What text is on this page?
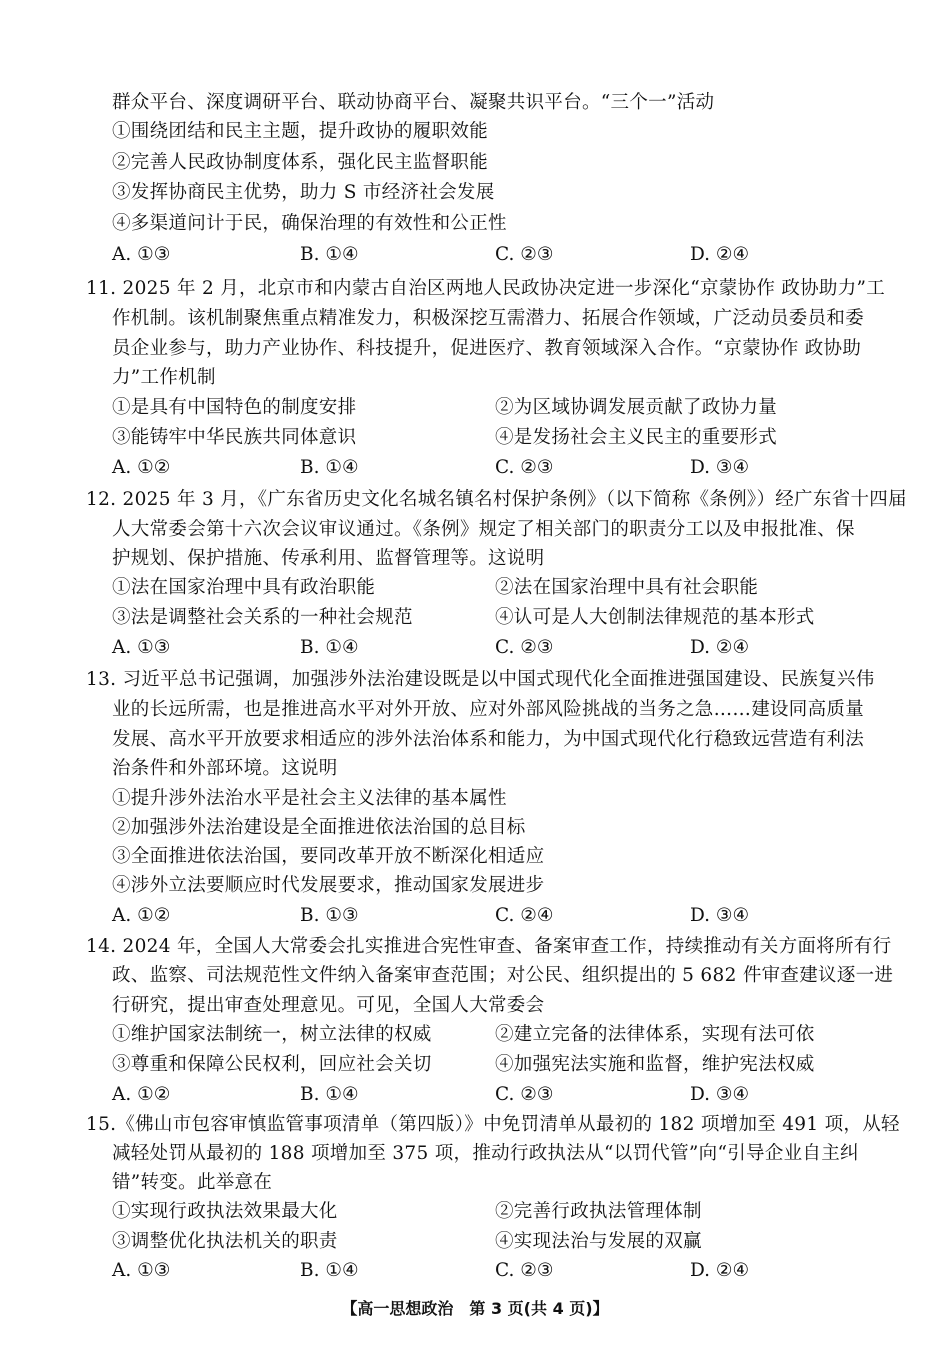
群众平台、深度调研平台、联动协商平台、凝聚共识平台。“三个一”活动
①围绕团结和民主主题，提升政协的履职效能
②完善人民政协制度体系，强化民主监督职能
③发挥协商民主优势，助力 S 市经济社会发展
④多渠道问计于民，确保治理的有效性和公正性
A. ①③	B. ①④	C. ②③	D. ②④
11. 2025 年 2 月，北京市和内蒙古自治区两地人民政协决定进一步深化“京蒙协作 政协助力”工
作机制。该机制聚焦重点精准发力，积极深挖互需潜力、拓展合作领域，广泛动员委员和委
员企业参与，助力产业协作、科技提升，促进医疗、教育领域深入合作。“京蒙协作 政协助
力”工作机制
①是具有中国特色的制度安排	②为区域协调发展贡献了政协力量
③能铸牢中华民族共同体意识	④是发扬社会主义民主的重要形式
A. ①②	B. ①④	C. ②③	D. ③④
12. 2025 年 3 月，《广东省历史文化名城名镇名村保护条例》（以下简称《条例》）经广东省十四届
人大常委会第十六次会议审议通过。《条例》规定了相关部门的职责分工以及申报批准、保
护规划、保护措施、传承利用、监督管理等。这说明
①法在国家治理中具有政治职能	②法在国家治理中具有社会职能
③法是调整社会关系的一种社会规范	④认可是人大创制法律规范的基本形式
A. ①③	B. ①④	C. ②③	D. ②④
13. 习近平总书记强调，加强涉外法治建设既是以中国式现代化全面推进强国建设、民族复兴伟
业的长远所需，也是推进高水平对外开放、应对外部风险挑战的当务之急……建设同高质量
发展、高水平开放要求相适应的涉外法治体系和能力，为中国式现代化行稳致远营造有利法
治条件和外部环境。这说明
①提升涉外法治水平是社会主义法律的基本属性
②加强涉外法治建设是全面推进依法治国的总目标
③全面推进依法治国，要同改革开放不断深化相适应
④涉外立法要顺应时代发展要求，推动国家发展进步
A. ①②	B. ①③	C. ②④	D. ③④
14. 2024 年，全国人大常委会扎实推进合宪性审查、备案审查工作，持续推动有关方面将所有行
政、监察、司法规范性文件纳入备案审查范围；对公民、组织提出的 5 682 件审查建议逐一进
行研究，提出审查处理意见。可见，全国人大常委会
①维护国家法制统一，树立法律的权威	②建立完备的法律体系，实现有法可依
③尊重和保障公民权利，回应社会关切	④加强宪法实施和监督，维护宪法权威
A. ①②	B. ①④	C. ②③	D. ③④
15.《佛山市包容审慎监管事项清单（第四版）》中免罚清单从最初的 182 项增加至 491 项，从轻
减轻处罚从最初的 188 项增加至 375 项，推动行政执法从“以罚代管”向“引导企业自主纠
错”转变。此举意在
①实现行政执法效果最大化	②完善行政执法管理体制
③调整优化执法机关的职责	④实现法治与发展的双赢
A. ①③	B. ①④	C. ②③	D. ②④
【高一思想政治　第 3 页(共 4 页)】
